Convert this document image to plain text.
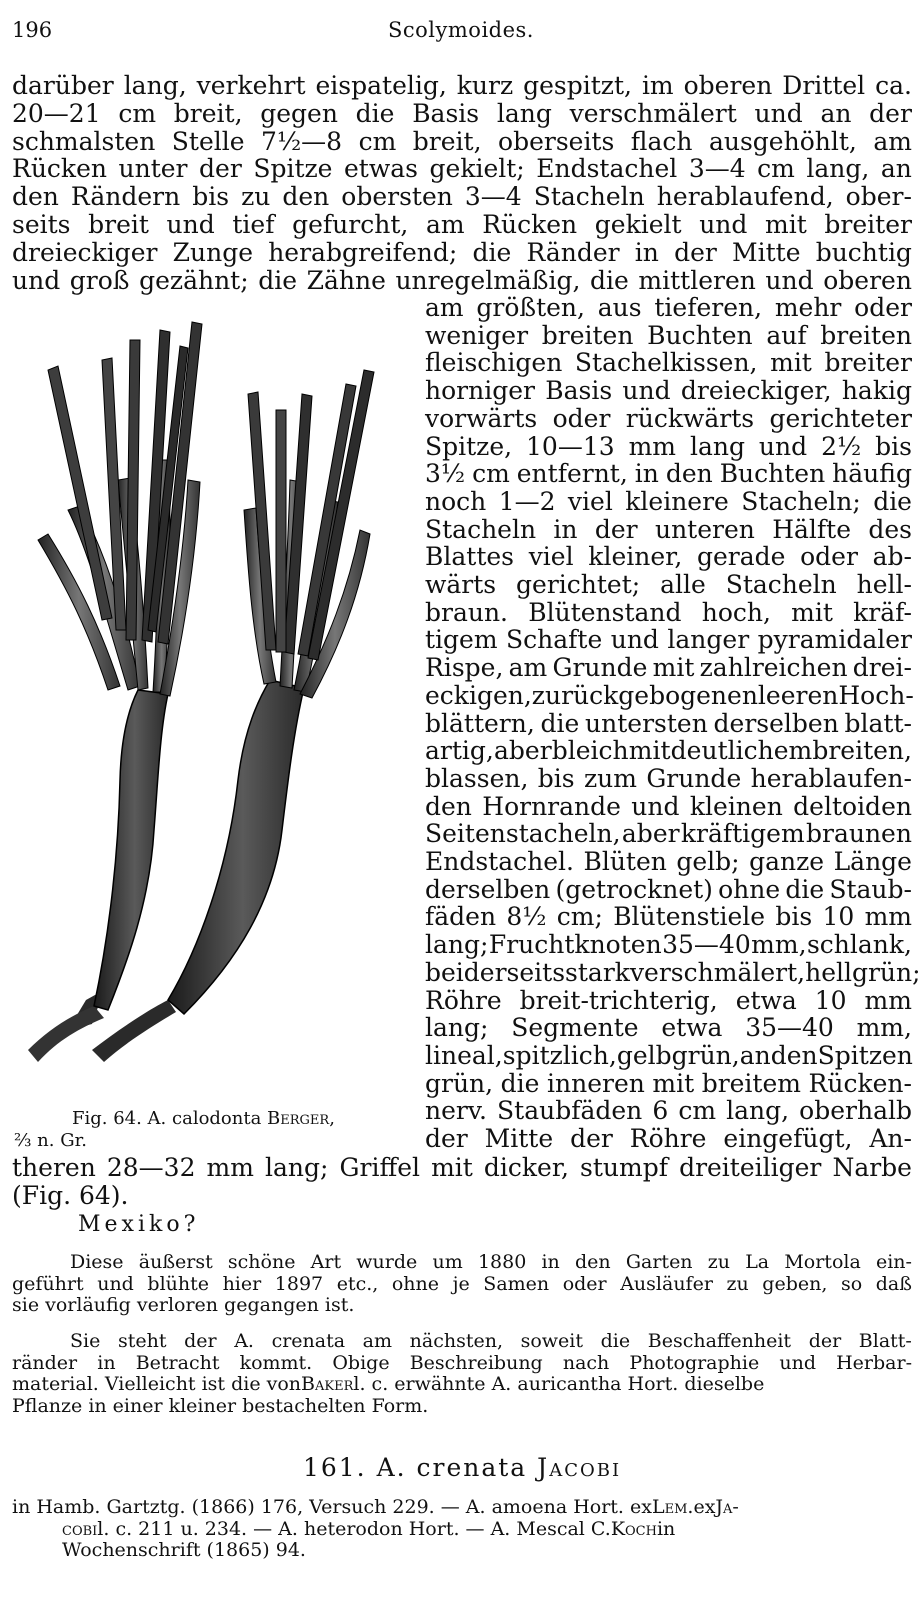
196	Scolymoides.
darüber lang, verkehrt eispatelig, kurz gespitzt, im oberen Drittel ca.
20—21 cm breit, gegen die Basis lang verschmälert und an der
schmalsten Stelle 7½—8 cm breit, oberseits flach ausgehöhlt, am
Rücken unter der Spitze etwas gekielt; Endstachel 3—4 cm lang, an
den Rändern bis zu den obersten 3—4 Stacheln herablaufend, ober-
seits breit und tief gefurcht, am Rücken gekielt und mit breiter
dreieckiger Zunge herabgreifend; die Ränder in der Mitte buchtig
und groß gezähnt; die Zähne unregelmäßig, die mittleren und oberen
am größten, aus tieferen, mehr oder
weniger breiten Buchten auf breiten
fleischigen Stachelkissen, mit breiter
horniger Basis und dreieckiger, hakig
vorwärts oder rückwärts gerichteter
Spitze, 10—13 mm lang und 2½ bis
3½ cm entfernt, in den Buchten häufig
noch 1—2 viel kleinere Stacheln; die
Stacheln in der unteren Hälfte des
Blattes viel kleiner, gerade oder ab-
wärts gerichtet; alle Stacheln hell-
braun. Blütenstand hoch, mit kräf-
tigem Schafte und langer pyramidaler
Rispe, am Grunde mit zahlreichen drei-
eckigen, zurückgebogenen leeren Hoch-
blättern, die untersten derselben blatt-
artig, aber bleich mit deutlichem breiten,
blassen, bis zum Grunde herablaufen-
den Hornrande und kleinen deltoiden
Seitenstacheln, aber kräftigem braunen
Endstachel. Blüten gelb; ganze Länge
derselben (getrocknet) ohne die Staub-
fäden 8½ cm; Blütenstiele bis 10 mm
lang; Fruchtknoten 35—40 mm, schlank,
beiderseits stark verschmälert, hellgrün;
Röhre breit-trichterig, etwa 10 mm
lang; Segmente etwa 35—40 mm,
lineal, spitzlich, gelbgrün, an den Spitzen
grün, die inneren mit breitem Rücken-
nerv. Staubfäden 6 cm lang, oberhalb
der Mitte der Röhre eingefügt, An-
Fig. 64. A. calodonta Berger,
⅔ n. Gr.
theren 28—32 mm lang; Griffel mit dicker, stumpf dreiteiliger Narbe
(Fig. 64).
Mexiko?
Diese äußerst schöne Art wurde um 1880 in den Garten zu La Mortola ein-
geführt und blühte hier 1897 etc., ohne je Samen oder Ausläufer zu geben, so daß
sie vorläufig verloren gegangen ist.
Sie steht der A. crenata am nächsten, soweit die Beschaffenheit der Blatt-
ränder in Betracht kommt. Obige Beschreibung nach Photographie und Herbar-
material. Vielleicht ist die von Baker l. c. erwähnte A. auricantha Hort. dieselbe
Pflanze in einer kleiner bestachelten Form.
161. A. crenata Jacobi
in Hamb. Gartztg. (1866) 176, Versuch 229. — A. amoena Hort. ex Lem. ex Ja-
cobi l. c. 211 u. 234. — A. heterodon Hort. — A. Mescal C. Koch in
Wochenschrift (1865) 94.
